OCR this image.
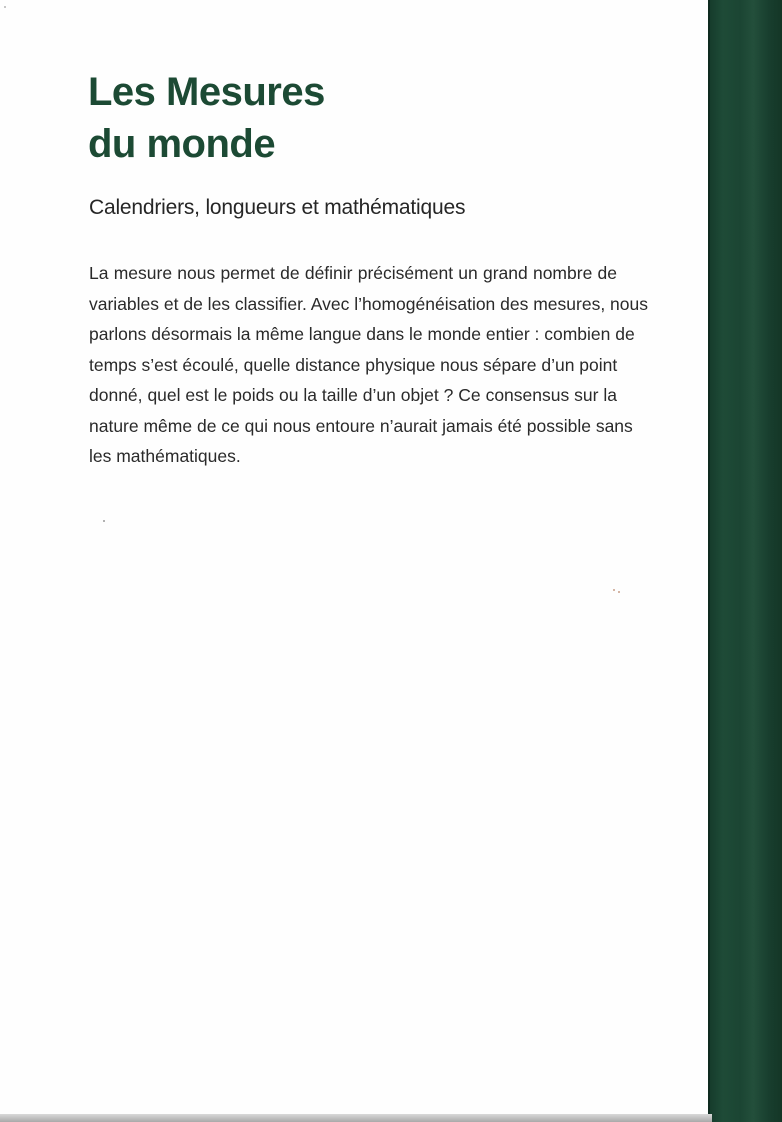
Les Mesures
du monde

Calendriers, longueurs et mathématiques

La mesure nous permet de définir précisément un grand nombre de
variables et de les classifier. Avec l’homogénéisation des mesures, nous
parlons désormais la même langue dans le monde entier : combien de
temps s’est écoulé, quelle distance physique nous sépare d’un point
donné, quel est le poids ou la taille d’un objet ? Ce consensus sur la
nature même de ce qui nous entoure n’aurait jamais été possible sans
les mathématiques.
